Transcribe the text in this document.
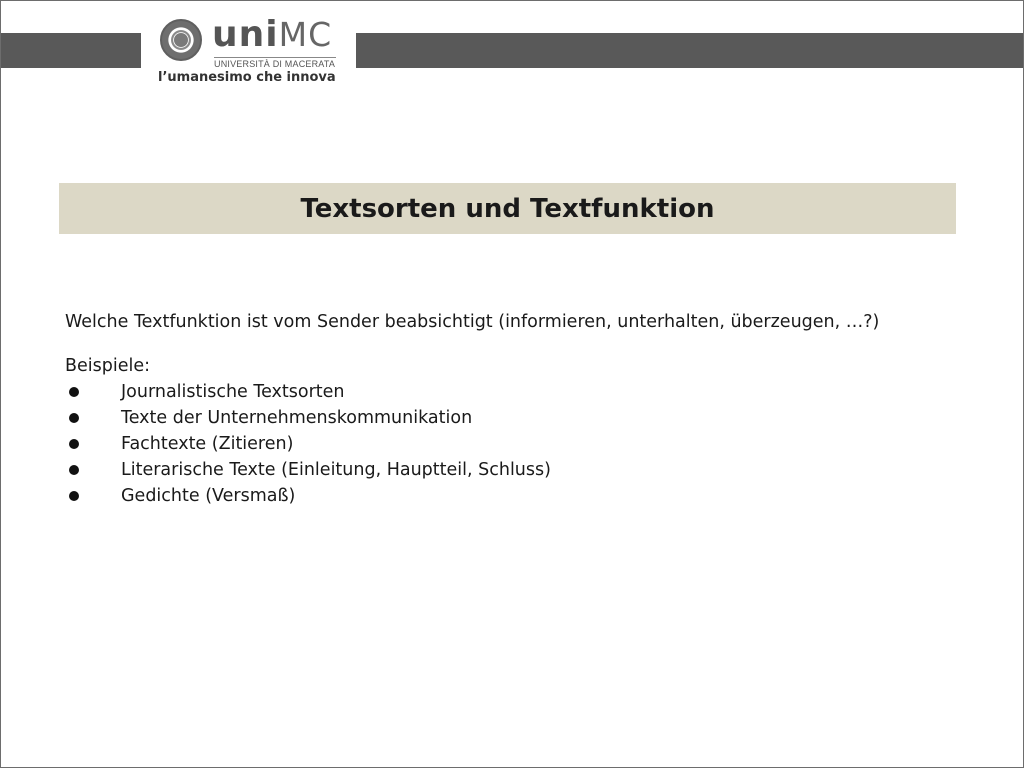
uniMC
UNIVERSITÀ DI MACERATA
l’umanesimo che innova
Textsorten und Textfunktion

Welche Textfunktion ist vom Sender beabsichtigt (informieren, unterhalten, überzeugen, …?)

Beispiele:

Journalistische Textsorten
Texte der Unternehmenskommunikation
Fachtexte (Zitieren)
Literarische Texte (Einleitung, Hauptteil, Schluss)
Gedichte (Versmaß)
